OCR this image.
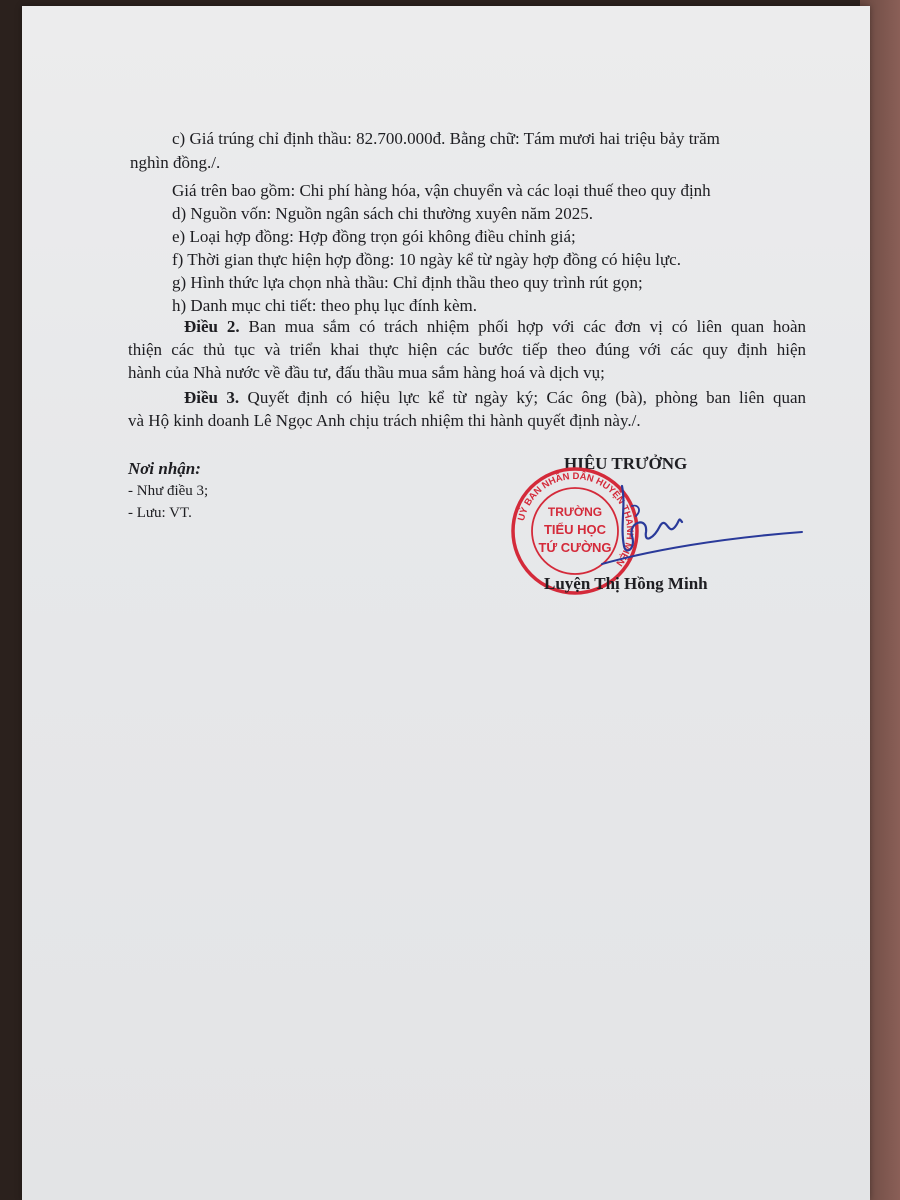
c) Giá trúng chỉ định thầu: 82.700.000đ. Bằng chữ: Tám mươi hai triệu bảy trăm

nghìn đồng./.

Giá trên bao gồm: Chi phí hàng hóa, vận chuyển và các loại thuế theo quy định

d) Nguồn vốn: Nguồn ngân sách chi thường xuyên năm 2025.

e) Loại hợp đồng: Hợp đồng trọn gói không điều chỉnh giá;

f) Thời gian thực hiện hợp đồng: 10 ngày kể từ ngày hợp đồng có hiệu lực.

g) Hình thức lựa chọn nhà thầu: Chỉ định thầu theo quy trình rút gọn;

h) Danh mục chi tiết: theo phụ lục đính kèm.

Điều 2. Ban mua sắm có trách nhiệm phối hợp với các đơn vị có liên quan hoàn

thiện các thủ tục và triển khai thực hiện các bước tiếp theo đúng với các quy định hiện

hành của Nhà nước về đầu tư, đấu thầu mua sắm hàng hoá và dịch vụ;

Điều 3. Quyết định có hiệu lực kể từ ngày ký; Các ông (bà), phòng ban liên quan

và Hộ kinh doanh Lê Ngọc Anh chịu trách nhiệm thi hành quyết định này./.

Nơi nhận:

- Như điều 3;

- Lưu: VT.

HIỆU TRƯỞNG
UỶ BAN NHÂN DÂN HUYỆN THANH MIỆN
TRƯỜNG
TIỂU HỌC
TỨ CƯỜNG
Luyện Thị Hồng Minh
